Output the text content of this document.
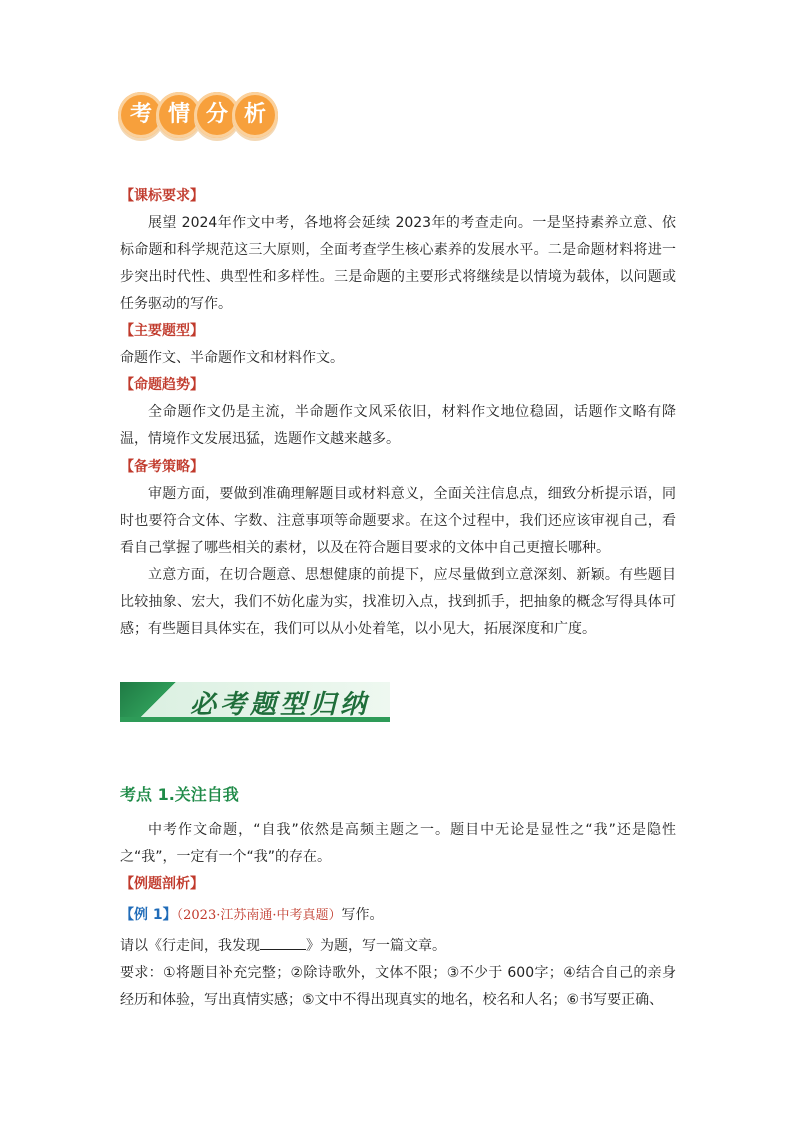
考 情 分 析
【课标要求】

展望 2024年作文中考，各地将会延续 2023年的考查走向。一是坚持素养立意、依标命题和科学规范这三大原则，全面考查学生核心素养的发展水平。二是命题材料将进一步突出时代性、典型性和多样性。三是命题的主要形式将继续是以情境为载体，以问题或任务驱动的写作。

【主要题型】

命题作文、半命题作文和材料作文。

【命题趋势】

全命题作文仍是主流，半命题作文风采依旧，材料作文地位稳固，话题作文略有降温，情境作文发展迅猛，选题作文越来越多。

【备考策略】

审题方面，要做到准确理解题目或材料意义，全面关注信息点，细致分析提示语，同时也要符合文体、字数、注意事项等命题要求。在这个过程中，我们还应该审视自己，看看自己掌握了哪些相关的素材，以及在符合题目要求的文体中自己更擅长哪种。

立意方面，在切合题意、思想健康的前提下，应尽量做到立意深刻、新颖。有些题目比较抽象、宏大，我们不妨化虚为实，找准切入点，找到抓手，把抽象的概念写得具体可感；有些题目具体实在，我们可以从小处着笔，以小见大，拓展深度和广度。

必考题型归纳
考点 1.关注自我

中考作文命题，“自我”依然是高频主题之一。题目中无论是显性之“我”还是隐性之“我”，一定有一个“我”的存在。

【例题剖析】

【例 1】（2023·江苏南通·中考真题）写作。

请以《行走间，我发现	》为题，写一篇文章。

要求：①将题目补充完整；②除诗歌外，文体不限；③不少于 600字；④结合自己的亲身经历和体验，写出真情实感；⑤文中不得出现真实的地名，校名和人名；⑥书写要正确、
